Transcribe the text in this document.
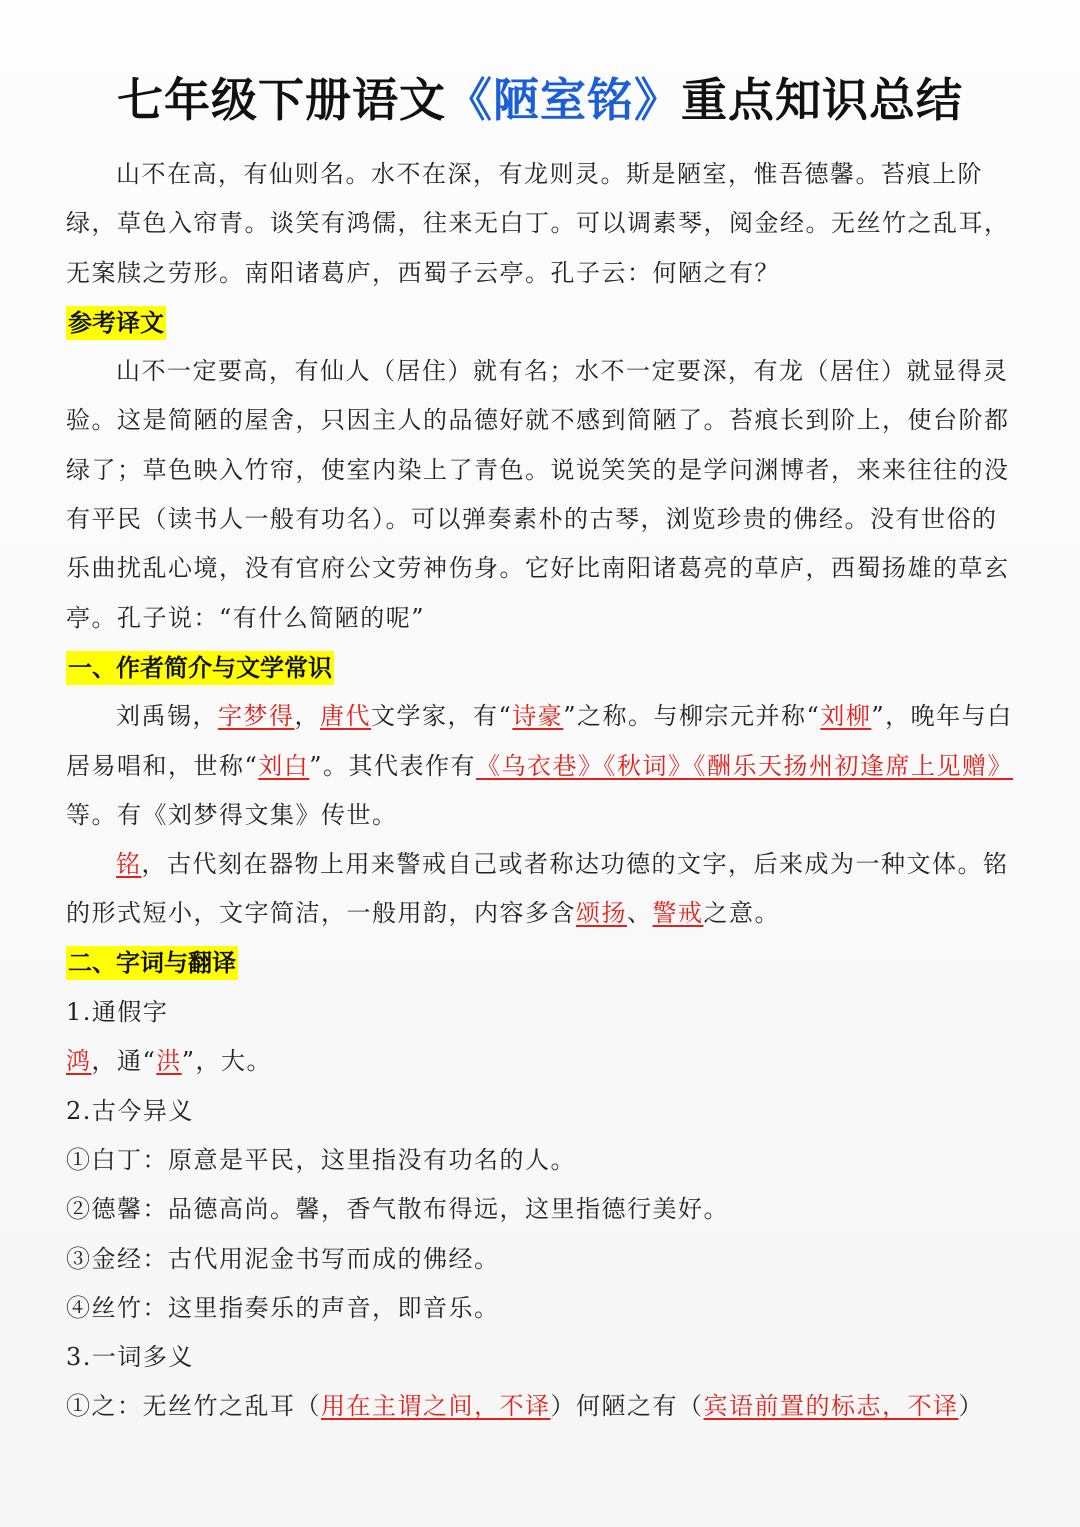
七年级下册语文《陋室铭》重点知识总结

山不在高，有仙则名。水不在深，有龙则灵。斯是陋室，惟吾德馨。苔痕上阶绿，草色入帘青。谈笑有鸿儒，往来无白丁。可以调素琴，阅金经。无丝竹之乱耳，无案牍之劳形。南阳诸葛庐，西蜀子云亭。孔子云：何陋之有？

参考译文

山不一定要高，有仙人（居住）就有名；水不一定要深，有龙（居住）就显得灵验。这是简陋的屋舍，只因主人的品德好就不感到简陋了。苔痕长到阶上，使台阶都绿了；草色映入竹帘，使室内染上了青色。说说笑笑的是学问渊博者，来来往往的没有平民（读书人一般有功名）。可以弹奏素朴的古琴，浏览珍贵的佛经。没有世俗的乐曲扰乱心境，没有官府公文劳神伤身。它好比南阳诸葛亮的草庐，西蜀扬雄的草玄亭。孔子说：“有什么简陋的呢”

一、作者简介与文学常识

刘禹锡，字梦得，唐代文学家，有“诗豪”之称。与柳宗元并称“刘柳”，晚年与白居易唱和，世称“刘白”。其代表作有《乌衣巷》《秋词》《酬乐天扬州初逢席上见赠》等。有《刘梦得文集》传世。

铭，古代刻在器物上用来警戒自己或者称达功德的文字，后来成为一种文体。铭的形式短小，文字简洁，一般用韵，内容多含颂扬、警戒之意。

二、字词与翻译

1.通假字

鸿，通“洪”，大。

2.古今异义

①白丁：原意是平民，这里指没有功名的人。

②德馨：品德高尚。馨，香气散布得远，这里指德行美好。

③金经：古代用泥金书写而成的佛经。

④丝竹：这里指奏乐的声音，即音乐。

3.一词多义

①之：无丝竹之乱耳（用在主谓之间，不译）何陋之有（宾语前置的标志，不译）
